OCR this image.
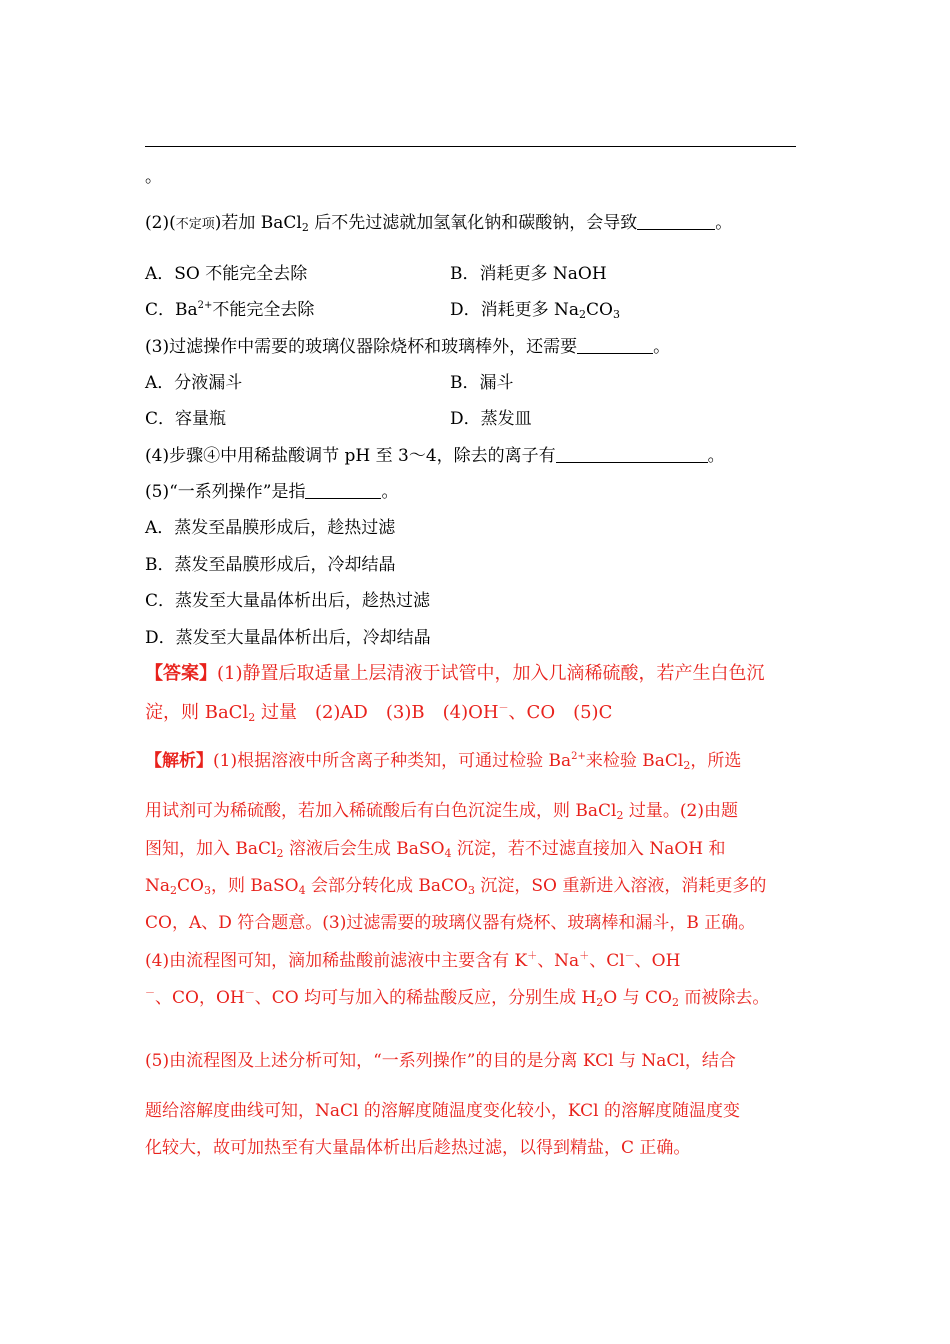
。
(2)(不定项)若加 BaCl$_2$ 后不先过滤就加氢氧化钠和碳酸钠，会导致	。
A．SO 不能完全去除	B．消耗更多 NaOH
C．$Ba^{2+}$不能完全去除	D．消耗更多 $Na_2CO_3$
(3)过滤操作中需要的玻璃仪器除烧杯和玻璃棒外，还需要	。
A．分液漏斗	B．漏斗
C．容量瓶	D．蒸发皿
(4)步骤④中用稀盐酸调节 pH 至 3～4，除去的离子有	。
(5)“一系列操作”是指	。
A．蒸发至晶膜形成后，趁热过滤
B．蒸发至晶膜形成后，冷却结晶
C．蒸发至大量晶体析出后，趁热过滤
D．蒸发至大量晶体析出后，冷却结晶
【答案】(1)静置后取适量上层清液于试管中，加入几滴稀硫酸，若产生白色沉
淀，则 BaCl$_2$ 过量　(2)AD　(3)B　(4)OH－、CO　(5)C
【解析】(1)根据溶液中所含离子种类知，可通过检验 $Ba^{2+}$来检验 BaCl$_2$，所选
用试剂可为稀硫酸，若加入稀硫酸后有白色沉淀生成，则 BaCl$_2$ 过量。(2)由题
图知，加入 BaCl$_2$ 溶液后会生成 BaSO$_4$ 沉淀，若不过滤直接加入 NaOH 和
$Na_2CO_3$，则 BaSO$_4$ 会部分转化成 BaCO$_3$ 沉淀，SO 重新进入溶液，消耗更多的
CO，A、D 符合题意。(3)过滤需要的玻璃仪器有烧杯、玻璃棒和漏斗，B 正确。
(4)由流程图可知，滴加稀盐酸前滤液中主要含有 K＋、Na＋、Cl－、OH
－、CO，OH－、CO 均可与加入的稀盐酸反应，分别生成 $H_2O$ 与 $CO_2$ 而被除去。
(5)由流程图及上述分析可知，“一系列操作”的目的是分离 KCl 与 NaCl，结合
题给溶解度曲线可知，NaCl 的溶解度随温度变化较小，KCl 的溶解度随温度变
化较大，故可加热至有大量晶体析出后趁热过滤，以得到精盐，C 正确。
